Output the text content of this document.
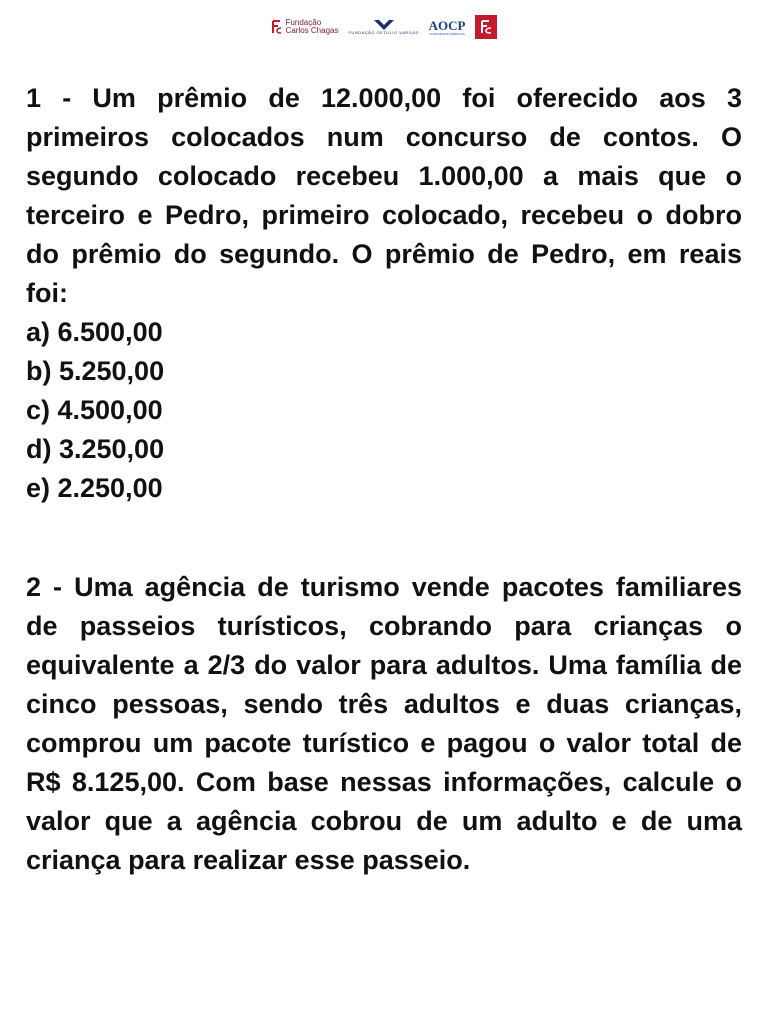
Fundação
Carlos Chagas	FUNDAÇÃO GETULIO VARGAS AOCP
CONCURSOS PÚBLICOS

1 - Um prêmio de 12.000,00 foi oferecido aos 3 primeiros colocados num concurso de contos. O segundo colocado recebeu 1.000,00 a mais que o terceiro e Pedro, primeiro colocado, recebeu o dobro do prêmio do segundo. O prêmio de Pedro, em reais foi:

a) 6.500,00
b) 5.250,00
c) 4.500,00
d) 3.250,00
e) 2.250,00

2 - Uma agência de turismo vende pacotes familiares de passeios turísticos, cobrando para crianças o equivalente a 2/3 do valor para adultos. Uma família de cinco pessoas, sendo três adultos e duas crianças, comprou um pacote turístico e pagou o valor total de R$ 8.125,00. Com base nessas informações, calcule o valor que a agência cobrou de um adulto e de uma criança para realizar esse passeio.
